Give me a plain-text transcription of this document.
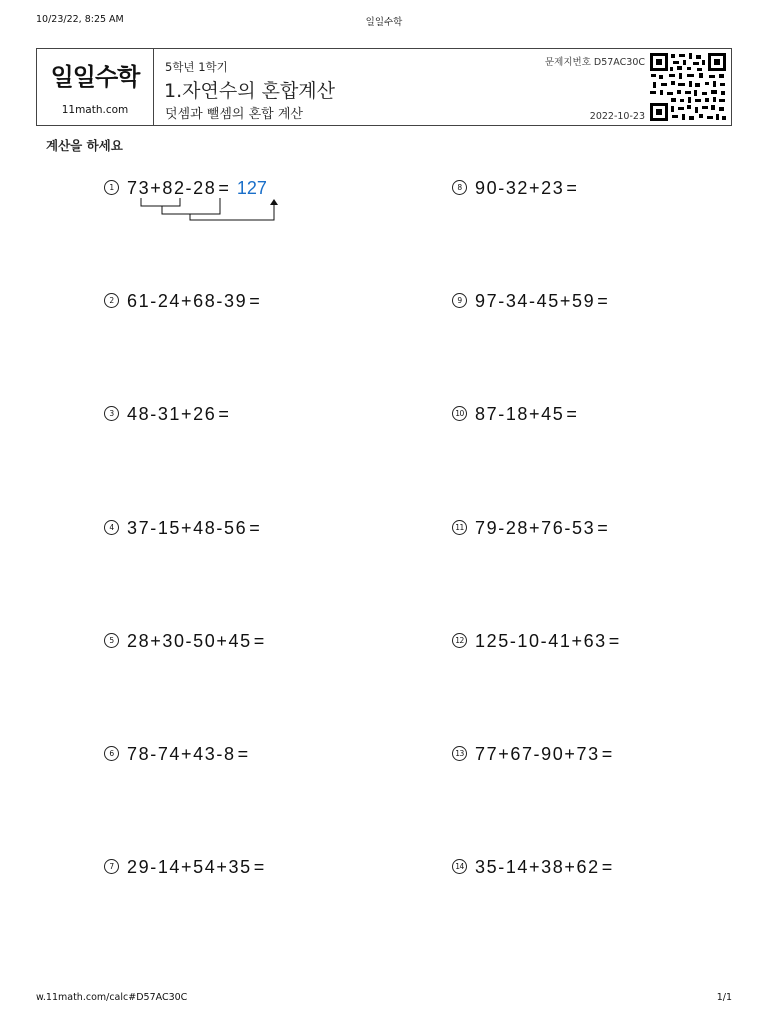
10/23/22, 8:25 AM	일일수학
일일수학
11math.com
5학년 1학기
1.자연수의 혼합계산
덧셈과 뺄셈의 혼합 계산
문제지번호 D57AC30C
2022-10-23
계산을 하세요
1 73+82-28 = 127
2 61-24+68-39 =
3 48-31+26 =
4 37-15+48-56 =
5 28+30-50+45 =
6 78-74+43-8 =
7 29-14+54+35 =
8 90-32+23 =
9 97-34-45+59 =
10 87-18+45 =
11 79-28+76-53 =
12 125-10-41+63 =
13 77+67-90+73 =
14 35-14+38+62 =
w.11math.com/calc#D57AC30C	1/1
